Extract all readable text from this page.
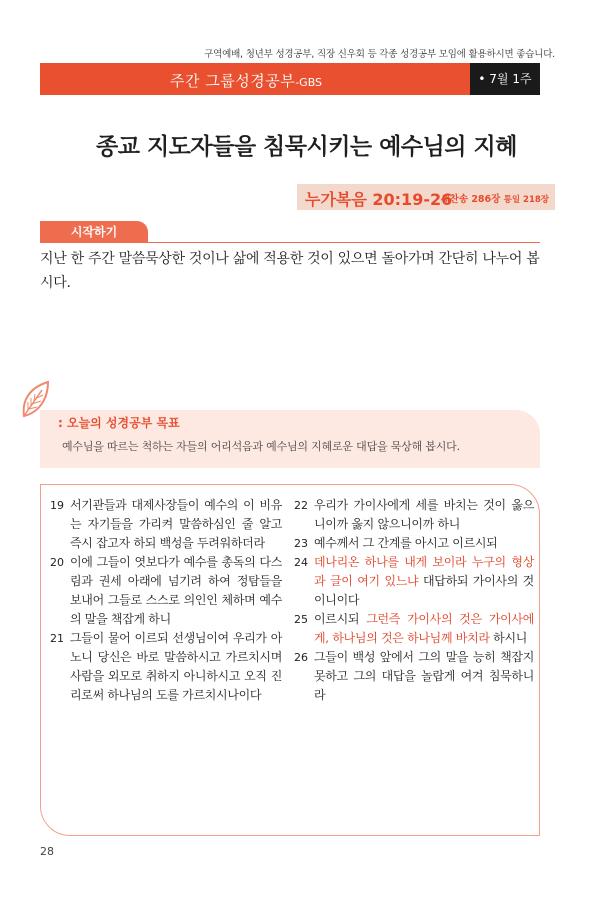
구역예배, 청년부 성경공부, 직장 신우회 등 각종 성경공부 모임에 활용하시면 좋습니다.
주간 그룹성경공부-GBS	• 7월 1주
종교 지도자들을 침묵시키는 예수님의 지혜
누가복음 20:19-26
새찬송 286장 통일 218장
시작하기
지난 한 주간 말씀묵상한 것이나 삶에 적용한 것이 있으면 돌아가며 간단히 나누어 봅시다.
: 오늘의 성경공부 목표
예수님을 따르는 척하는 자들의 어리석음과 예수님의 지혜로운 대답을 묵상해 봅시다.
19 서기관들과 대제사장들이 예수의 이 비유는 자기들을 가리켜 말씀하심인 줄 알고 즉시 잡고자 하되 백성을 두려워하더라
20 이에 그들이 엿보다가 예수를 총독의 다스림과 권세 아래에 넘기려 하여 정탐들을 보내어 그들로 스스로 의인인 체하며 예수의 말을 책잡게 하니
21 그들이 물어 이르되 선생님이여 우리가 아노니 당신은 바로 말씀하시고 가르치시며 사람을 외모로 취하지 아니하시고 오직 진리로써 하나님의 도를 가르치시나이다
22 우리가 가이사에게 세를 바치는 것이 옳으니이까 옳지 않으니이까 하니
23 예수께서 그 간계를 아시고 이르시되
24 데나리온 하나를 내게 보이라 누구의 형상과 글이 여기 있느냐 대답하되 가이사의 것이니이다
25 이르시되 그런즉 가이사의 것은 가이사에게, 하나님의 것은 하나님께 바치라 하시니
26 그들이 백성 앞에서 그의 말을 능히 책잡지 못하고 그의 대답을 놀랍게 여겨 침묵하니라
28
